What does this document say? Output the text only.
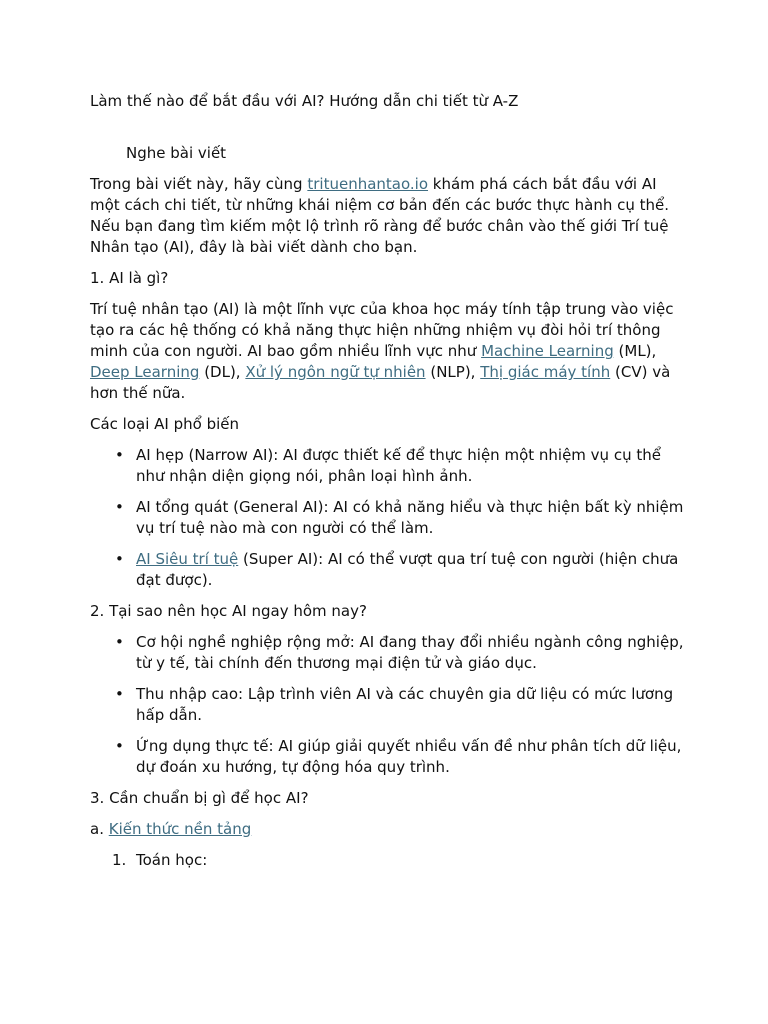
Làm thế nào để bắt đầu với AI? Hướng dẫn chi tiết từ A-Z

Nghe bài viết

Trong bài viết này, hãy cùng trituenhantao.io khám phá cách bắt đầu với AI một cách chi tiết, từ những khái niệm cơ bản đến các bước thực hành cụ thể. Nếu bạn đang tìm kiếm một lộ trình rõ ràng để bước chân vào thế giới Trí tuệ Nhân tạo (AI), đây là bài viết dành cho bạn.

1. AI là gì?

Trí tuệ nhân tạo (AI) là một lĩnh vực của khoa học máy tính tập trung vào việc tạo ra các hệ thống có khả năng thực hiện những nhiệm vụ đòi hỏi trí thông minh của con người. AI bao gồm nhiều lĩnh vực như Machine Learning (ML), Deep Learning (DL), Xử lý ngôn ngữ tự nhiên (NLP), Thị giác máy tính (CV) và hơn thế nữa.

Các loại AI phổ biến

• AI hẹp (Narrow AI): AI được thiết kế để thực hiện một nhiệm vụ cụ thể như nhận diện giọng nói, phân loại hình ảnh.
• AI tổng quát (General AI): AI có khả năng hiểu và thực hiện bất kỳ nhiệm vụ trí tuệ nào mà con người có thể làm.
• AI Siêu trí tuệ (Super AI): AI có thể vượt qua trí tuệ con người (hiện chưa đạt được).

2. Tại sao nên học AI ngay hôm nay?

• Cơ hội nghề nghiệp rộng mở: AI đang thay đổi nhiều ngành công nghiệp, từ y tế, tài chính đến thương mại điện tử và giáo dục.
• Thu nhập cao: Lập trình viên AI và các chuyên gia dữ liệu có mức lương hấp dẫn.
• Ứng dụng thực tế: AI giúp giải quyết nhiều vấn đề như phân tích dữ liệu, dự đoán xu hướng, tự động hóa quy trình.

3. Cần chuẩn bị gì để học AI?

a. Kiến thức nền tảng

1. Toán học:
